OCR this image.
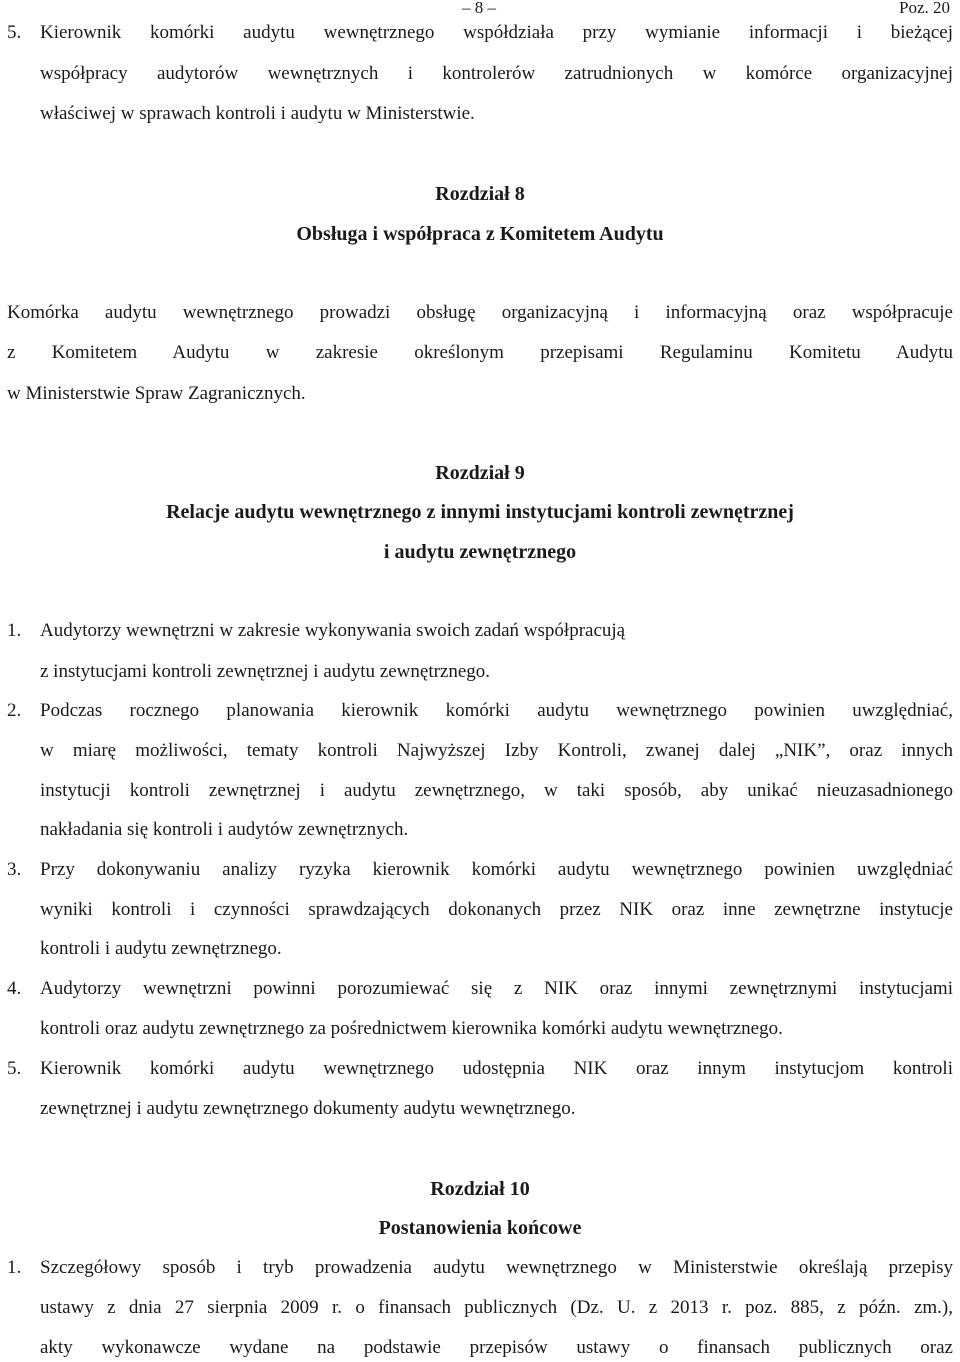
– 8 –	Poz. 20
5. Kierownik komórki audytu wewnętrznego współdziała przy wymianie informacji i bieżącej
współpracy audytorów wewnętrznych i kontrolerów zatrudnionych w komórce organizacyjnej
właściwej w sprawach kontroli i audytu w Ministerstwie.
Rozdział 8
Obsługa i współpraca z Komitetem Audytu
Komórka audytu wewnętrznego prowadzi obsługę organizacyjną i informacyjną oraz współpracuje
z Komitetem Audytu w zakresie określonym przepisami Regulaminu Komitetu Audytu
w Ministerstwie Spraw Zagranicznych.
Rozdział 9
Relacje audytu wewnętrznego z innymi instytucjami kontroli zewnętrznej
i audytu zewnętrznego
1. Audytorzy wewnętrzni w zakresie wykonywania swoich zadań współpracują
z instytucjami kontroli zewnętrznej i audytu zewnętrznego.
2. Podczas rocznego planowania kierownik komórki audytu wewnętrznego powinien uwzględniać,
w miarę możliwości, tematy kontroli Najwyższej Izby Kontroli, zwanej dalej „NIK”, oraz innych
instytucji kontroli zewnętrznej i audytu zewnętrznego, w taki sposób, aby unikać nieuzasadnionego
nakładania się kontroli i audytów zewnętrznych.
3. Przy dokonywaniu analizy ryzyka kierownik komórki audytu wewnętrznego powinien uwzględniać
wyniki kontroli i czynności sprawdzających dokonanych przez NIK oraz inne zewnętrzne instytucje
kontroli i audytu zewnętrznego.
4. Audytorzy wewnętrzni powinni porozumiewać się z NIK oraz innymi zewnętrznymi instytucjami
kontroli oraz audytu zewnętrznego za pośrednictwem kierownika komórki audytu wewnętrznego.
5. Kierownik komórki audytu wewnętrznego udostępnia NIK oraz innym instytucjom kontroli
zewnętrznej i audytu zewnętrznego dokumenty audytu wewnętrznego.
Rozdział 10
Postanowienia końcowe
1. Szczegółowy sposób i tryb prowadzenia audytu wewnętrznego w Ministerstwie określają przepisy
ustawy z dnia 27 sierpnia 2009 r. o finansach publicznych (Dz. U. z 2013 r. poz. 885, z późn. zm.),
akty wykonawcze wydane na podstawie przepisów ustawy o finansach publicznych oraz
